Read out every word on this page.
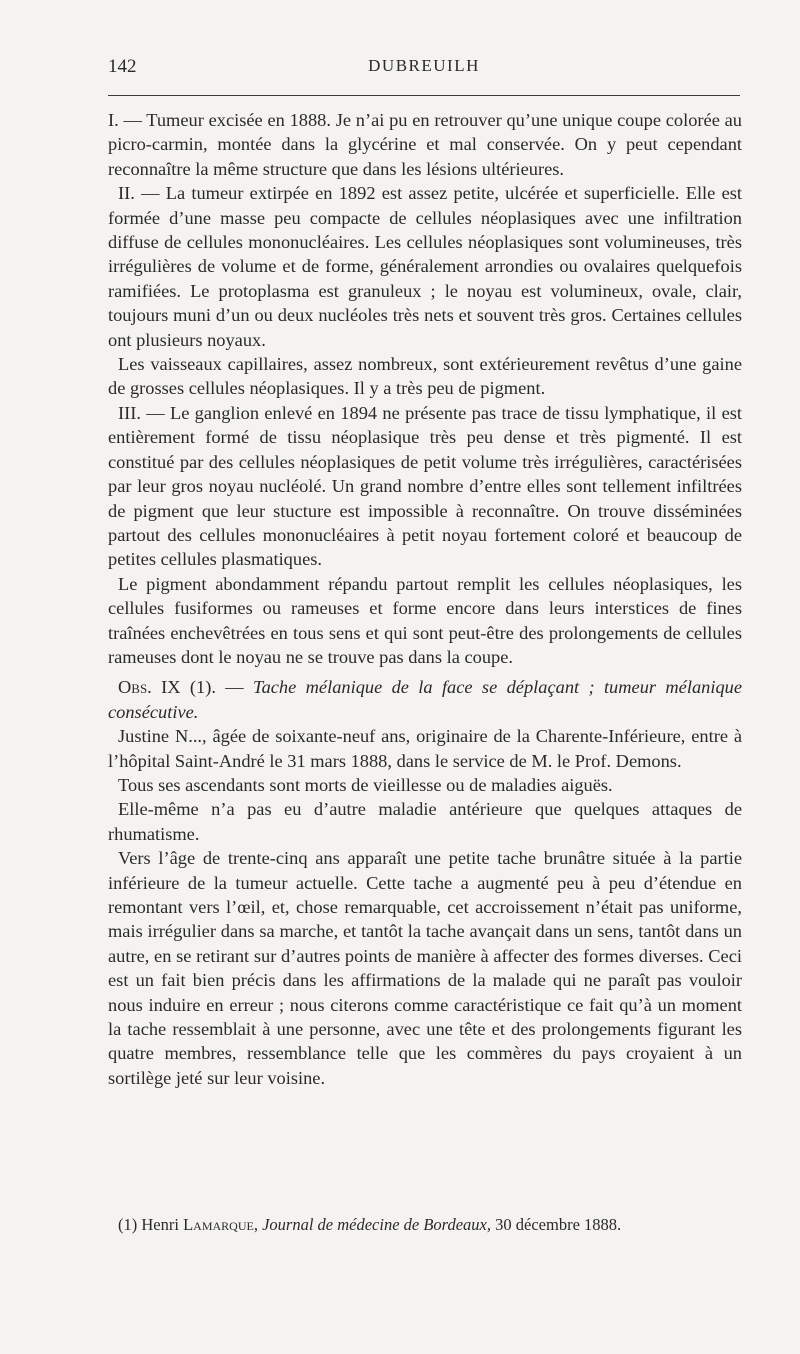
142	DUBREUILH

I. — Tumeur excisée en 1888. Je n’ai pu en retrouver qu’une unique coupe colorée au picro-carmin, montée dans la glycérine et mal conservée. On y peut cependant reconnaître la même structure que dans les lésions ultérieures.

II. — La tumeur extirpée en 1892 est assez petite, ulcérée et superficielle. Elle est formée d’une masse peu compacte de cellules néoplasiques avec une infiltration diffuse de cellules mononucléaires. Les cellules néoplasiques sont volumineuses, très irrégulières de volume et de forme, généralement arrondies ou ovalaires quelquefois ramifiées. Le protoplasma est granuleux ; le noyau est volumineux, ovale, clair, toujours muni d’un ou deux nucléoles très nets et souvent très gros. Certaines cellules ont plusieurs noyaux.

Les vaisseaux capillaires, assez nombreux, sont extérieurement revêtus d’une gaine de grosses cellules néoplasiques. Il y a très peu de pigment.

III. — Le ganglion enlevé en 1894 ne présente pas trace de tissu lymphatique, il est entièrement formé de tissu néoplasique très peu dense et très pigmenté. Il est constitué par des cellules néoplasiques de petit volume très irrégulières, caractérisées par leur gros noyau nucléolé. Un grand nombre d’entre elles sont tellement infiltrées de pigment que leur stucture est impossible à reconnaître. On trouve disséminées partout des cellules mononucléaires à petit noyau fortement coloré et beaucoup de petites cellules plasmatiques.

Le pigment abondamment répandu partout remplit les cellules néoplasiques, les cellules fusiformes ou rameuses et forme encore dans leurs interstices de fines traînées enchevêtrées en tous sens et qui sont peut-être des prolongements de cellules rameuses dont le noyau ne se trouve pas dans la coupe.

Obs. IX (1). — Tache mélanique de la face se déplaçant ; tumeur mélanique consécutive.

Justine N..., âgée de soixante-neuf ans, originaire de la Charente-Inférieure, entre à l’hôpital Saint-André le 31 mars 1888, dans le service de M. le Prof. Demons.

Tous ses ascendants sont morts de vieillesse ou de maladies aiguës.

Elle-même n’a pas eu d’autre maladie antérieure que quelques attaques de rhumatisme.

Vers l’âge de trente-cinq ans apparaît une petite tache brunâtre située à la partie inférieure de la tumeur actuelle. Cette tache a augmenté peu à peu d’étendue en remontant vers l’œil, et, chose remarquable, cet accroissement n’était pas uniforme, mais irrégulier dans sa marche, et tantôt la tache avançait dans un sens, tantôt dans un autre, en se retirant sur d’autres points de manière à affecter des formes diverses. Ceci est un fait bien précis dans les affirmations de la malade qui ne paraît pas vouloir nous induire en erreur ; nous citerons comme caractéristique ce fait qu’à un moment la tache ressemblait à une personne, avec une tête et des prolongements figurant les quatre membres, ressemblance telle que les commères du pays croyaient à un sortilège jeté sur leur voisine.

(1) Henri Lamarque, Journal de médecine de Bordeaux, 30 décembre 1888.
